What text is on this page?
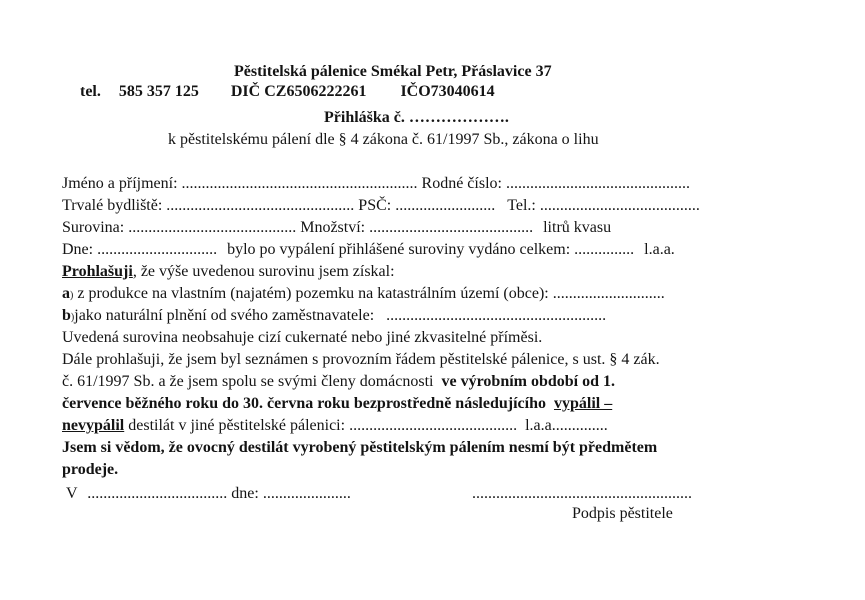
Pěstitelská pálenice Smékal Petr, Přáslavice 37
tel. 585 357 125 DIČ CZ6506222261 IČO73040614
Přihláška č. ……………….
k pěstitelskému pálení dle § 4 zákona č. 61/1997 Sb., zákona o lihu
Jméno a příjmení: ........................................................... Rodné číslo: ..............................................
Trvalé bydliště: ............................................... PSČ: ......................... Tel.: ........................................
Surovina: .......................................... Množství: ......................................... litrů kvasu
Dne: .............................. bylo po vypálení přihlášené suroviny vydáno celkem: ............... l.a.a.
Prohlašuji, že výše uvedenou surovinu jsem získal:
a) z produkce na vlastním (najatém) pozemku na katastrálním území (obce): ............................
b)jako naturální plnění od svého zaměstnavatele: .......................................................
Uvedená surovina neobsahuje cizí cukernaté nebo jiné zkvasitelné příměsi.
Dále prohlašuji, že jsem byl seznámen s provozním řádem pěstitelské pálenice, s ust. § 4 zák.
č. 61/1997 Sb. a že jsem spolu se svými členy domácnosti ve výrobním období od 1.
července běžného roku do 30. června roku bezprostředně následujícího vypálil –
nevypálil destilát v jiné pěstitelské pálenici: .......................................... l.a.a..............
Jsem si vědom, že ovocný destilát vyrobený pěstitelským pálením nesmí být předmětem
prodeje.
V ................................... dne: ......................	.......................................................
Podpis pěstitele
